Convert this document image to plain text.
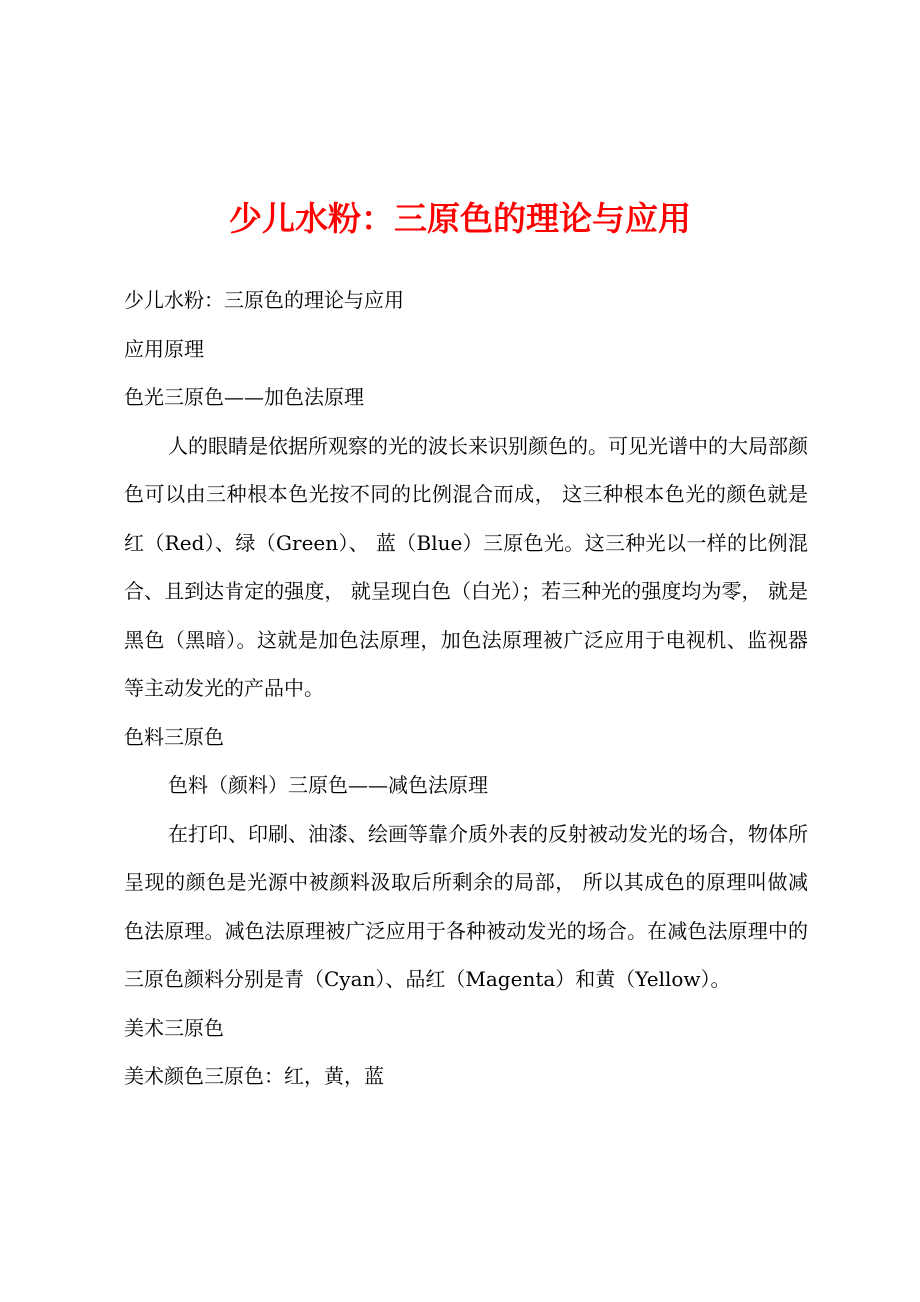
少儿水粉：三原色的理论与应用

少儿水粉：三原色的理论与应用

应用原理

色光三原色——加色法原理

人的眼睛是依据所观察的光的波长来识别颜色的。可见光谱中的大局部颜色可以由三种根本色光按不同的比例混合而成， 这三种根本色光的颜色就是红（Red）、绿（Green）、 蓝（Blue）三原色光。这三种光以一样的比例混合、且到达肯定的强度， 就呈现白色（白光）；若三种光的强度均为零， 就是黑色（黑暗）。这就是加色法原理，加色法原理被广泛应用于电视机、监视器等主动发光的产品中。

色料三原色

色料（颜料）三原色——减色法原理

在打印、印刷、油漆、绘画等靠介质外表的反射被动发光的场合，物体所呈现的颜色是光源中被颜料汲取后所剩余的局部， 所以其成色的原理叫做减色法原理。减色法原理被广泛应用于各种被动发光的场合。在减色法原理中的三原色颜料分别是青（Cyan）、品红（Magenta）和黄（Yellow）。

美术三原色

美术颜色三原色：红，黄，蓝
